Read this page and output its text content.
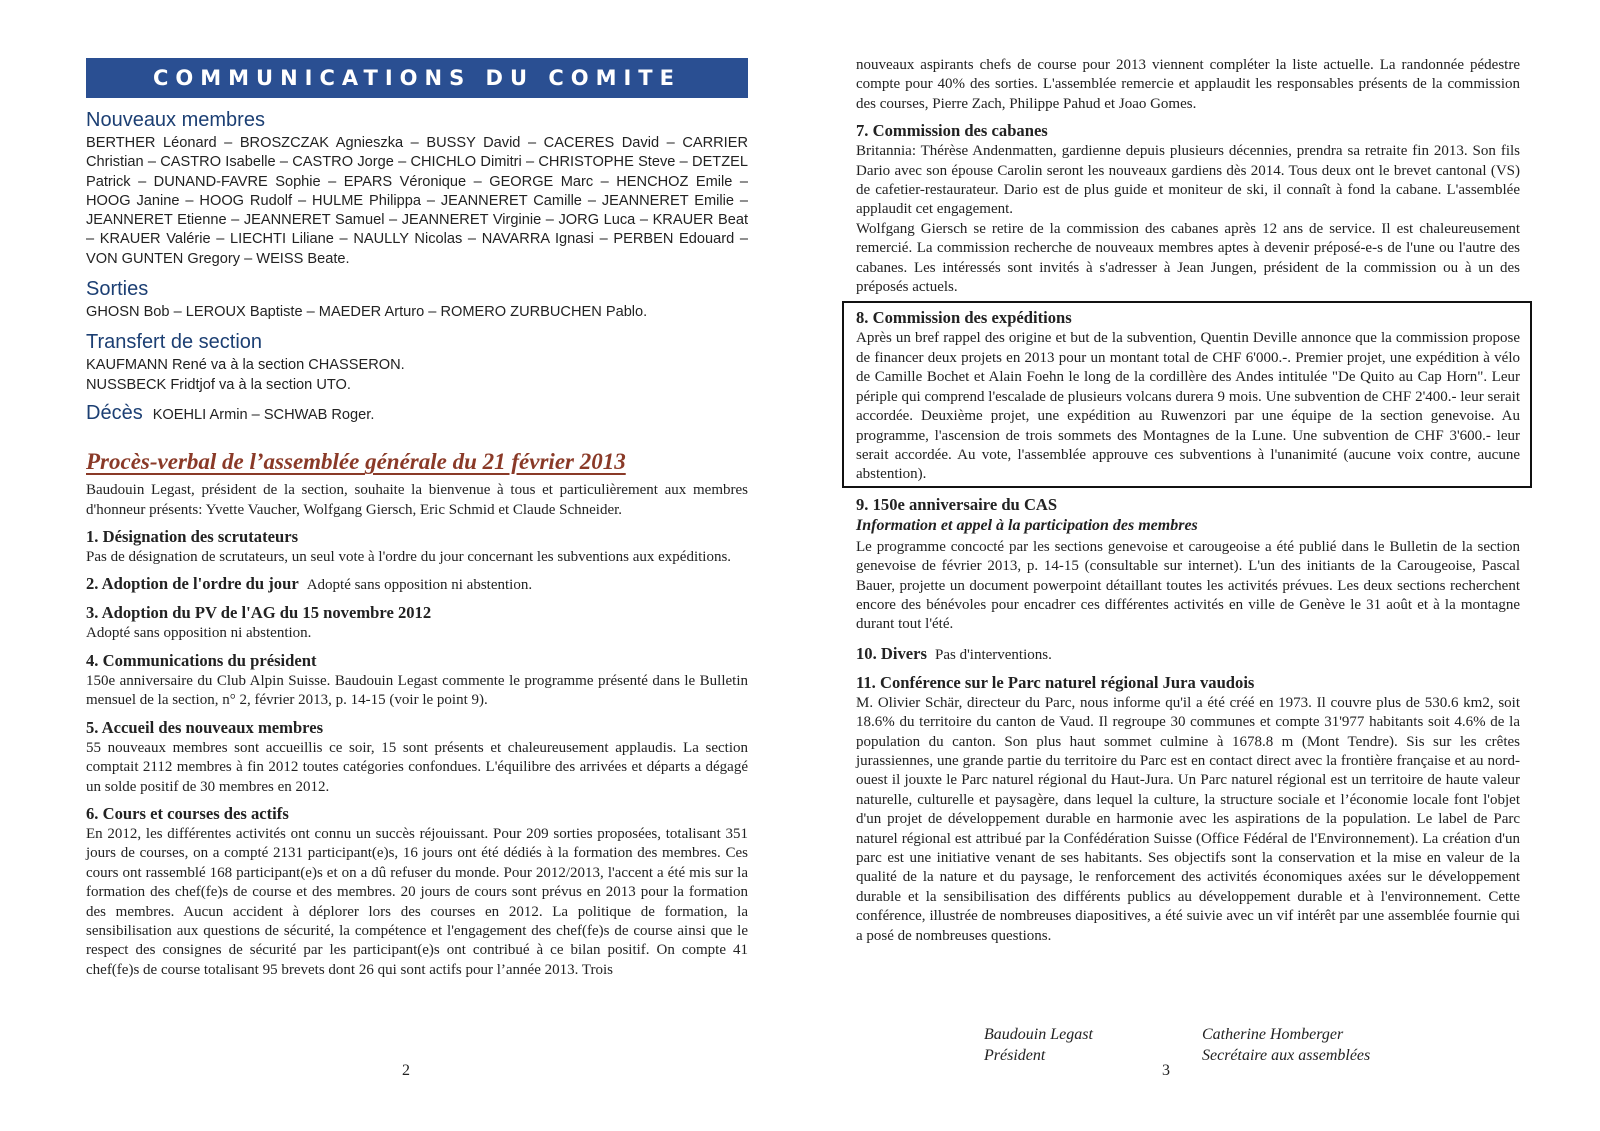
COMMUNICATIONS DU COMITE
Nouveaux membres

BERTHER Léonard – BROSZCZAK Agnieszka – BUSSY David – CACERES David – CARRIER Christian – CASTRO Isabelle – CASTRO Jorge – CHICHLO Dimitri – CHRISTOPHE Steve – DETZEL Patrick – DUNAND-FAVRE Sophie – EPARS Véronique – GEORGE Marc – HENCHOZ Emile – HOOG Janine – HOOG Rudolf – HULME Philippa – JEANNERET Camille – JEANNERET Emilie – JEANNERET Etienne – JEANNERET Samuel – JEANNERET Virginie – JORG Luca – KRAUER Beat – KRAUER Valérie – LIECHTI Liliane – NAULLY Nicolas – NAVARRA Ignasi – PERBEN Edouard – VON GUNTEN Gregory – WEISS Beate.

Sorties

GHOSN Bob – LEROUX Baptiste – MAEDER Arturo – ROMERO ZURBUCHEN Pablo.

Transfert de section

KAUFMANN René va à la section CHASSERON.

NUSSBECK Fridtjof va à la section UTO.

Décès KOEHLI Armin – SCHWAB Roger.
Procès-verbal de l’assemblée générale du 21 février 2013

Baudouin Legast, président de la section, souhaite la bienvenue à tous et particulièrement aux membres d'honneur présents: Yvette Vaucher, Wolfgang Giersch, Eric Schmid et Claude Schneider.

1. Désignation des scrutateurs

Pas de désignation de scrutateurs, un seul vote à l'ordre du jour concernant les subventions aux expéditions.

2. Adoption de l'ordre du jour Adopté sans opposition ni abstention.
3. Adoption du PV de l'AG du 15 novembre 2012

Adopté sans opposition ni abstention.

4. Communications du président

150e anniversaire du Club Alpin Suisse. Baudouin Legast commente le programme présenté dans le Bulletin mensuel de la section, n° 2, février 2013, p. 14-15 (voir le point 9).

5. Accueil des nouveaux membres

55 nouveaux membres sont accueillis ce soir, 15 sont présents et chaleureusement applaudis. La section comptait 2112 membres à fin 2012 toutes catégories confondues. L'équilibre des arrivées et départs a dégagé un solde positif de 30 membres en 2012.

6. Cours et courses des actifs

En 2012, les différentes activités ont connu un succès réjouissant. Pour 209 sorties proposées, totalisant 351 jours de courses, on a compté 2131 participant(e)s, 16 jours ont été dédiés à la formation des membres. Ces cours ont rassemblé 168 participant(e)s et on a dû refuser du monde. Pour 2012/2013, l'accent a été mis sur la formation des chef(fe)s de course et des membres. 20 jours de cours sont prévus en 2013 pour la formation des membres. Aucun accident à déplorer lors des courses en 2012. La politique de formation, la sensibilisation aux questions de sécurité, la compétence et l'engagement des chef(fe)s de course ainsi que le respect des consignes de sécurité par les participant(e)s ont contribué à ce bilan positif. On compte 41 chef(fe)s de course totalisant 95 brevets dont 26 qui sont actifs pour l’année 2013. Trois

2

nouveaux aspirants chefs de course pour 2013 viennent compléter la liste actuelle. La randonnée pédestre compte pour 40% des sorties. L'assemblée remercie et applaudit les responsables présents de la commission des courses, Pierre Zach, Philippe Pahud et Joao Gomes.

7. Commission des cabanes

Britannia: Thérèse Andenmatten, gardienne depuis plusieurs décennies, prendra sa retraite fin 2013. Son fils Dario avec son épouse Carolin seront les nouveaux gardiens dès 2014. Tous deux ont le brevet cantonal (VS) de cafetier-restaurateur. Dario est de plus guide et moniteur de ski, il connaît à fond la cabane. L'assemblée applaudit cet engagement.

Wolfgang Giersch se retire de la commission des cabanes après 12 ans de service. Il est chaleureusement remercié. La commission recherche de nouveaux membres aptes à devenir préposé-e-s de l'une ou l'autre des cabanes. Les intéressés sont invités à s'adresser à Jean Jungen, président de la commission ou à un des préposés actuels.

8. Commission des expéditions

Après un bref rappel des origine et but de la subvention, Quentin Deville annonce que la commission propose de financer deux projets en 2013 pour un montant total de CHF 6'000.-. Premier projet, une expédition à vélo de Camille Bochet et Alain Foehn le long de la cordillère des Andes intitulée "De Quito au Cap Horn". Leur périple qui comprend l'escalade de plusieurs volcans durera 9 mois. Une subvention de CHF 2'400.- leur serait accordée. Deuxième projet, une expédition au Ruwenzori par une équipe de la section genevoise. Au programme, l'ascension de trois sommets des Montagnes de la Lune. Une subvention de CHF 3'600.- leur serait accordée. Au vote, l'assemblée approuve ces subventions à l'unanimité (aucune voix contre, aucune abstention).

9. 150e anniversaire du CAS
Information et appel à la participation des membres

Le programme concocté par les sections genevoise et carougeoise a été publié dans le Bulletin de la section genevoise de février 2013, p. 14-15 (consultable sur internet). L'un des initiants de la Carougeoise, Pascal Bauer, projette un document powerpoint détaillant toutes les activités prévues. Les deux sections recherchent encore des bénévoles pour encadrer ces différentes activités en ville de Genève le 31 août et à la montagne durant tout l'été.

10. Divers Pas d'interventions.
11. Conférence sur le Parc naturel régional Jura vaudois

M. Olivier Schär, directeur du Parc, nous informe qu'il a été créé en 1973. Il couvre plus de 530.6 km2, soit 18.6% du territoire du canton de Vaud. Il regroupe 30 communes et compte 31'977 habitants soit 4.6% de la population du canton. Son plus haut sommet culmine à 1678.8 m (Mont Tendre). Sis sur les crêtes jurassiennes, une grande partie du territoire du Parc est en contact direct avec la frontière française et au nord-ouest il jouxte le Parc naturel régional du Haut-Jura. Un Parc naturel régional est un territoire de haute valeur naturelle, culturelle et paysagère, dans lequel la culture, la structure sociale et l’économie locale font l'objet d'un projet de développement durable en harmonie avec les aspirations de la population. Le label de Parc naturel régional est attribué par la Confédération Suisse (Office Fédéral de l'Environnement). La création d'un parc est une initiative venant de ses habitants. Ses objectifs sont la conservation et la mise en valeur de la qualité de la nature et du paysage, le renforcement des activités économiques axées sur le développement durable et la sensibilisation des différents publics au développement durable et à l'environnement. Cette conférence, illustrée de nombreuses diapositives, a été suivie avec un vif intérêt par une assemblée fournie qui a posé de nombreuses questions.

Baudouin Legast
Président
Catherine Homberger
Secrétaire aux assemblées
3
